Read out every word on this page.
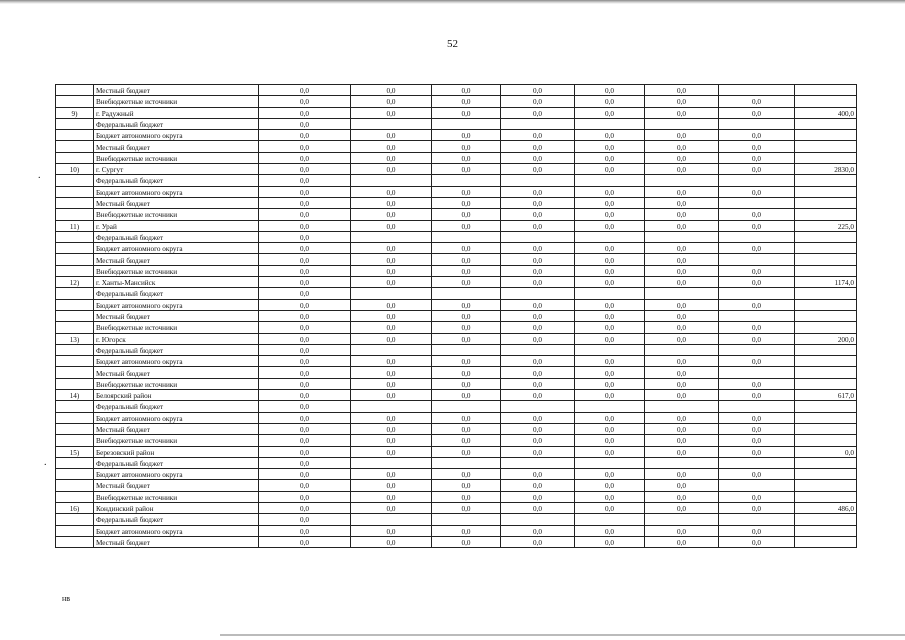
52
.
.
	Местный бюджет	0,0	0,0	0,0	0,0	0,0	0,0		
	Внебюджетные источники	0,0	0,0	0,0	0,0	0,0	0,0	0,0	
9)	г. Радужный	0,0	0,0	0,0	0,0	0,0	0,0	0,0	400,0
	Федеральный бюджет	0,0							
	Бюджет автономного округа	0,0	0,0	0,0	0,0	0,0	0,0	0,0	
	Местный бюджет	0,0	0,0	0,0	0,0	0,0	0,0	0,0	
	Внебюджетные источники	0,0	0,0	0,0	0,0	0,0	0,0	0,0	
10)	г. Сургут	0,0	0,0	0,0	0,0	0,0	0,0	0,0	2830,0
	Федеральный бюджет	0,0							
	Бюджет автономного округа	0,0	0,0	0,0	0,0	0,0	0,0	0,0	
	Местный бюджет	0,0	0,0	0,0	0,0	0,0	0,0		
	Внебюджетные источники	0,0	0,0	0,0	0,0	0,0	0,0	0,0	
11)	г. Урай	0,0	0,0	0,0	0,0	0,0	0,0	0,0	225,0
	Федеральный бюджет	0,0							
	Бюджет автономного округа	0,0	0,0	0,0	0,0	0,0	0,0	0,0	
	Местный бюджет	0,0	0,0	0,0	0,0	0,0	0,0		
	Внебюджетные источники	0,0	0,0	0,0	0,0	0,0	0,0	0,0	
12)	г. Ханты-Мансийск	0,0	0,0	0,0	0,0	0,0	0,0	0,0	1174,0
	Федеральный бюджет	0,0							
	Бюджет автономного округа	0,0	0,0	0,0	0,0	0,0	0,0	0,0	
	Местный бюджет	0,0	0,0	0,0	0,0	0,0	0,0		
	Внебюджетные источники	0,0	0,0	0,0	0,0	0,0	0,0	0,0	
13)	г. Югорск	0,0	0,0	0,0	0,0	0,0	0,0	0,0	200,0
	Федеральный бюджет	0,0							
	Бюджет автономного округа	0,0	0,0	0,0	0,0	0,0	0,0	0,0	
	Местный бюджет	0,0	0,0	0,0	0,0	0,0	0,0		
	Внебюджетные источники	0,0	0,0	0,0	0,0	0,0	0,0	0,0	
14)	Белоярский район	0,0	0,0	0,0	0,0	0,0	0,0	0,0	617,0
	Федеральный бюджет	0,0							
	Бюджет автономного округа	0,0	0,0	0,0	0,0	0,0	0,0	0,0	
	Местный бюджет	0,0	0,0	0,0	0,0	0,0	0,0	0,0	
	Внебюджетные источники	0,0	0,0	0,0	0,0	0,0	0,0	0,0	
15)	Березовский район	0,0	0,0	0,0	0,0	0,0	0,0	0,0	0,0
	Федеральный бюджет	0,0							
	Бюджет автономного округа	0,0	0,0	0,0	0,0	0,0	0,0	0,0	
	Местный бюджет	0,0	0,0	0,0	0,0	0,0	0,0		
	Внебюджетные источники	0,0	0,0	0,0	0,0	0,0	0,0	0,0	
16)	Кондинский район	0,0	0,0	0,0	0,0	0,0	0,0	0,0	486,0
	Федеральный бюджет	0,0							
	Бюджет автономного округа	0,0	0,0	0,0	0,0	0,0	0,0	0,0	
	Местный бюджет	0,0	0,0	0,0	0,0	0,0	0,0	0,0	
нв
